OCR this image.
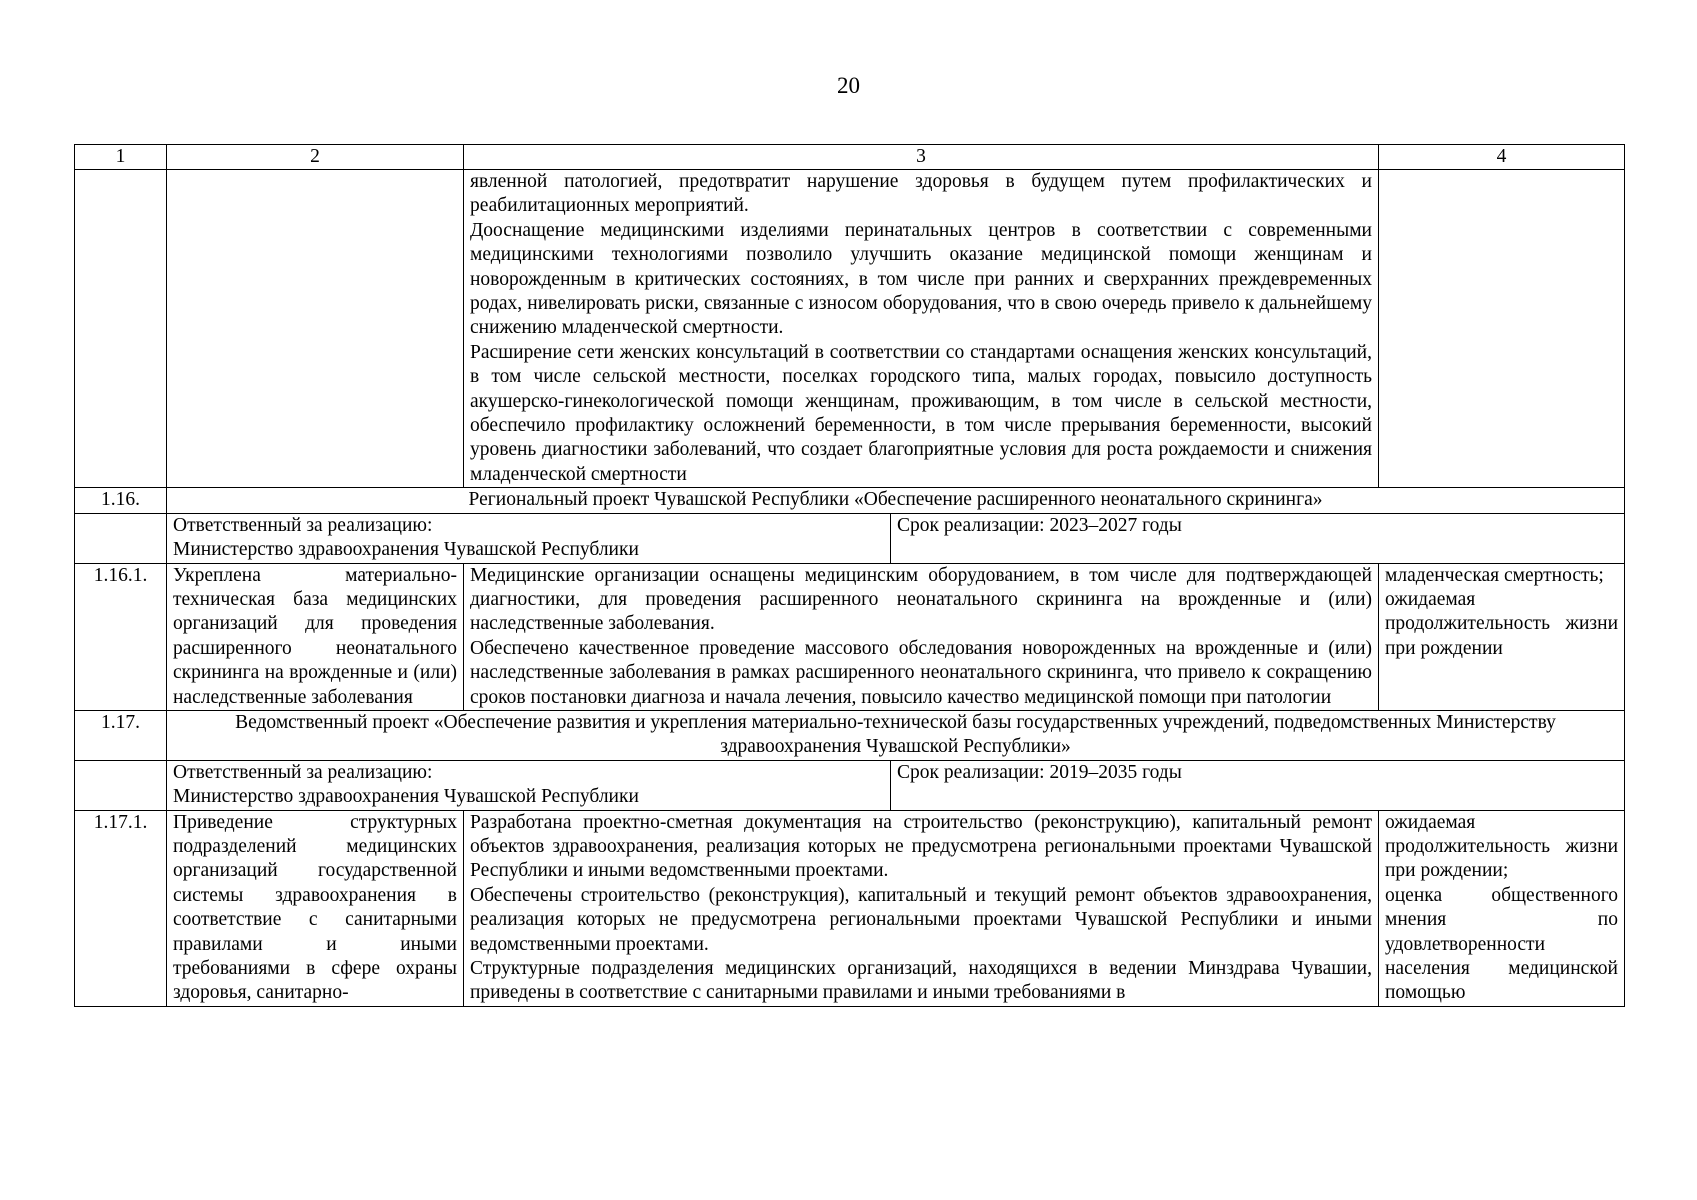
20
1	2	3		4

		явленной патологией, предотвратит нарушение здоровья в будущем путем профилактических и реабилитационных мероприятий.
Дооснащение медицинскими изделиями перинатальных центров в соответствии с современными медицинскими технологиями позволило улучшить оказание медицинской помощи женщинам и новорожденным в критических состояниях, в том числе при ранних и сверхранних преждевременных родах, нивелировать риски, связанные с износом оборудования, что в свою очередь привело к дальнейшему снижению младенческой смертности.
Расширение сети женских консультаций в соответствии со стандартами оснащения женских консультаций, в том числе сельской местности, поселках городского типа, малых городах, повысило доступность акушерско-гинекологической помощи женщинам, проживающим, в том числе в сельской местности, обеспечило профилактику осложнений беременности, в том числе прерывания беременности, высокий уровень диагностики заболеваний, что создает благоприятные условия для роста рождаемости и снижения младенческой смертности		

1.16.	Региональный проект Чувашской Республики «Обеспечение расширенного неонатального скрининга»			

	Ответственный за реализацию:
Министерство здравоохранения Чувашской Республики		Срок реализации: 2023–2027 годы	
1.16.1.	Укреплена материально-техническая база медицинских организаций для проведения расширенного неонатального скрининга на врожденные и (или) наследственные заболевания	Медицинские организации оснащены медицинским оборудованием, в том числе для подтверждающей диагностики, для проведения расширенного неонатального скрининга на врожденные и (или) наследственные заболевания.
Обеспечено качественное проведение массового обследования новорожденных на врожденные и (или) наследственные заболевания в рамках расширенного неонатального скрининга, что привело к сокращению сроков постановки диагноза и начала лечения, повысило качество медицинской помощи при патологии		младенческая смертность;
ожидаемая продолжительность жизни при рождении

1.17.	Ведомственный проект «Обеспечение развития и укрепления материально-технической базы государственных учреждений, подведомственных Министерству здравоохранения Чувашской Республики»			

	Ответственный за реализацию:
Министерство здравоохранения Чувашской Республики		Срок реализации: 2019–2035 годы	
1.17.1.	Приведение структурных подразделений медицинских организаций государственной системы здравоохранения в соответствие с санитарными правилами и иными требованиями в сфере охраны здоровья, санитарно-	Разработана проектно-сметная документация на строительство (реконструкцию), капитальный ремонт объектов здравоохранения, реализация которых не предусмотрена региональными проектами Чувашской Республики и иными ведомственными проектами.
Обеспечены строительство (реконструкция), капитальный и текущий ремонт объектов здравоохранения, реализация которых не предусмотрена региональными проектами Чувашской Республики и иными ведомственными проектами.
Структурные подразделения медицинских организаций, находящихся в ведении Минздрава Чувашии, приведены в соответствие с санитарными правилами и иными требованиями в		ожидаемая продолжительность жизни при рождении;
оценка общественного мнения по удовлетворенности населения медицинской помощью
